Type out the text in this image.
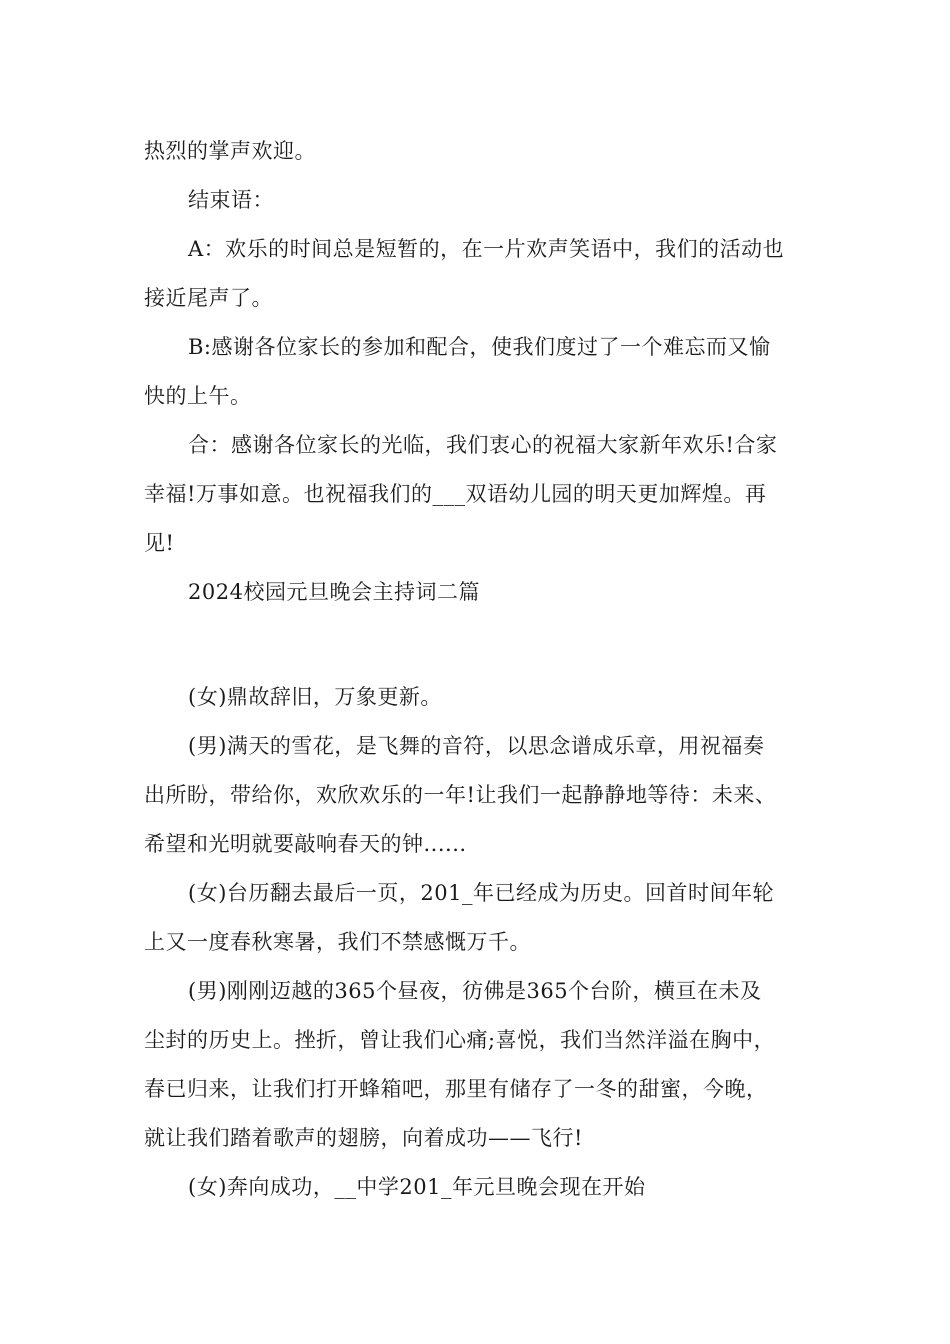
热烈的掌声欢迎。
结束语：
A：欢乐的时间总是短暂的，在一片欢声笑语中，我们的活动也
接近尾声了。
B:感谢各位家长的参加和配合，使我们度过了一个难忘而又愉
快的上午。
合：感谢各位家长的光临，我们衷心的祝福大家新年欢乐!合家
幸福!万事如意。也祝福我们的___双语幼儿园的明天更加辉煌。再
见!
2024校园元旦晚会主持词二篇
(女)鼎故辞旧，万象更新。
(男)满天的雪花，是飞舞的音符，以思念谱成乐章，用祝福奏
出所盼，带给你，欢欣欢乐的一年!让我们一起静静地等待：未来、
希望和光明就要敲响春天的钟......
(女)台历翻去最后一页，201_年已经成为历史。回首时间年轮
上又一度春秋寒暑，我们不禁感慨万千。
(男)刚刚迈越的365个昼夜，彷佛是365个台阶，横亘在未及
尘封的历史上。挫折，曾让我们心痛;喜悦，我们当然洋溢在胸中，
春已归来，让我们打开蜂箱吧，那里有储存了一冬的甜蜜，今晚，
就让我们踏着歌声的翅膀，向着成功——飞行!
(女)奔向成功，__中学201_年元旦晚会现在开始
